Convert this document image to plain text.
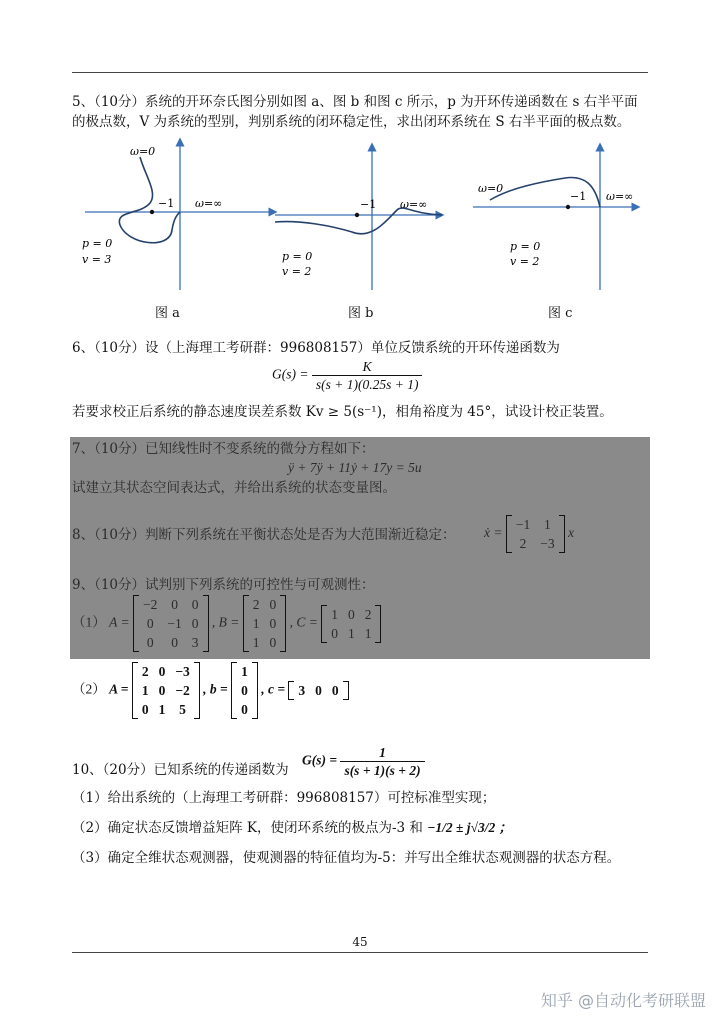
5、（10分）系统的开环奈氏图分别如图 a、图 b 和图 c 所示，p 为开环传递函数在 s 右半平面
的极点数，V 为系统的型别，判别系统的闭环稳定性，求出闭环系统在 S 右半平面的极点数。
ω=0
−1 ω=∞
p = 0
v = 3
图 a
−1 ω=∞
p = 0
v = 2
图 b
ω=0
−1 ω=∞
p = 0
v = 2
图 c
6、（10分）设（上海理工考研群：996808157）单位反馈系统的开环传递函数为
$G(s) = \frac{K}{s(s + 1)(0.25s + 1)}$
若要求校正后系统的静态速度误差系数 Kv ≥ 5(s⁻¹)，相角裕度为 45°，试设计校正装置。
7、（10分）已知线性时不变系统的微分方程如下：
ÿ + 7ÿ + 11ẏ + 17y = 5u
试建立其状态空间表达式，并给出系统的状态变量图。
8、（10分）判断下列系统在平衡状态处是否为大范围渐近稳定： ẋ =
−1	1
2	−3
x
9、（10分）试判别下列系统的可控性与可观测性：
（1） A =
−2	0	0
0	−1	0
0	0	3
, B =
2	0
1	0
1	0
, C =
1	0	2
0	1	1
（2） A =
2	0	−3
1	0	−2
0	1	5
, b =
1
0
0
, c = 3	0	0
10、（20分）已知系统的传递函数为
$G(s) = \frac{1}{s(s + 1)(s + 2)}$
（1）给出系统的（上海理工考研群：996808157）可控标准型实现；
（2）确定状态反馈增益矩阵 K，使闭环系统的极点为-3 和 −1/2 ± j√3/2 ；
（3）确定全维状态观测器，使观测器的特征值均为-5：并写出全维状态观测器的状态方程。
45
知乎 @自动化考研联盟
